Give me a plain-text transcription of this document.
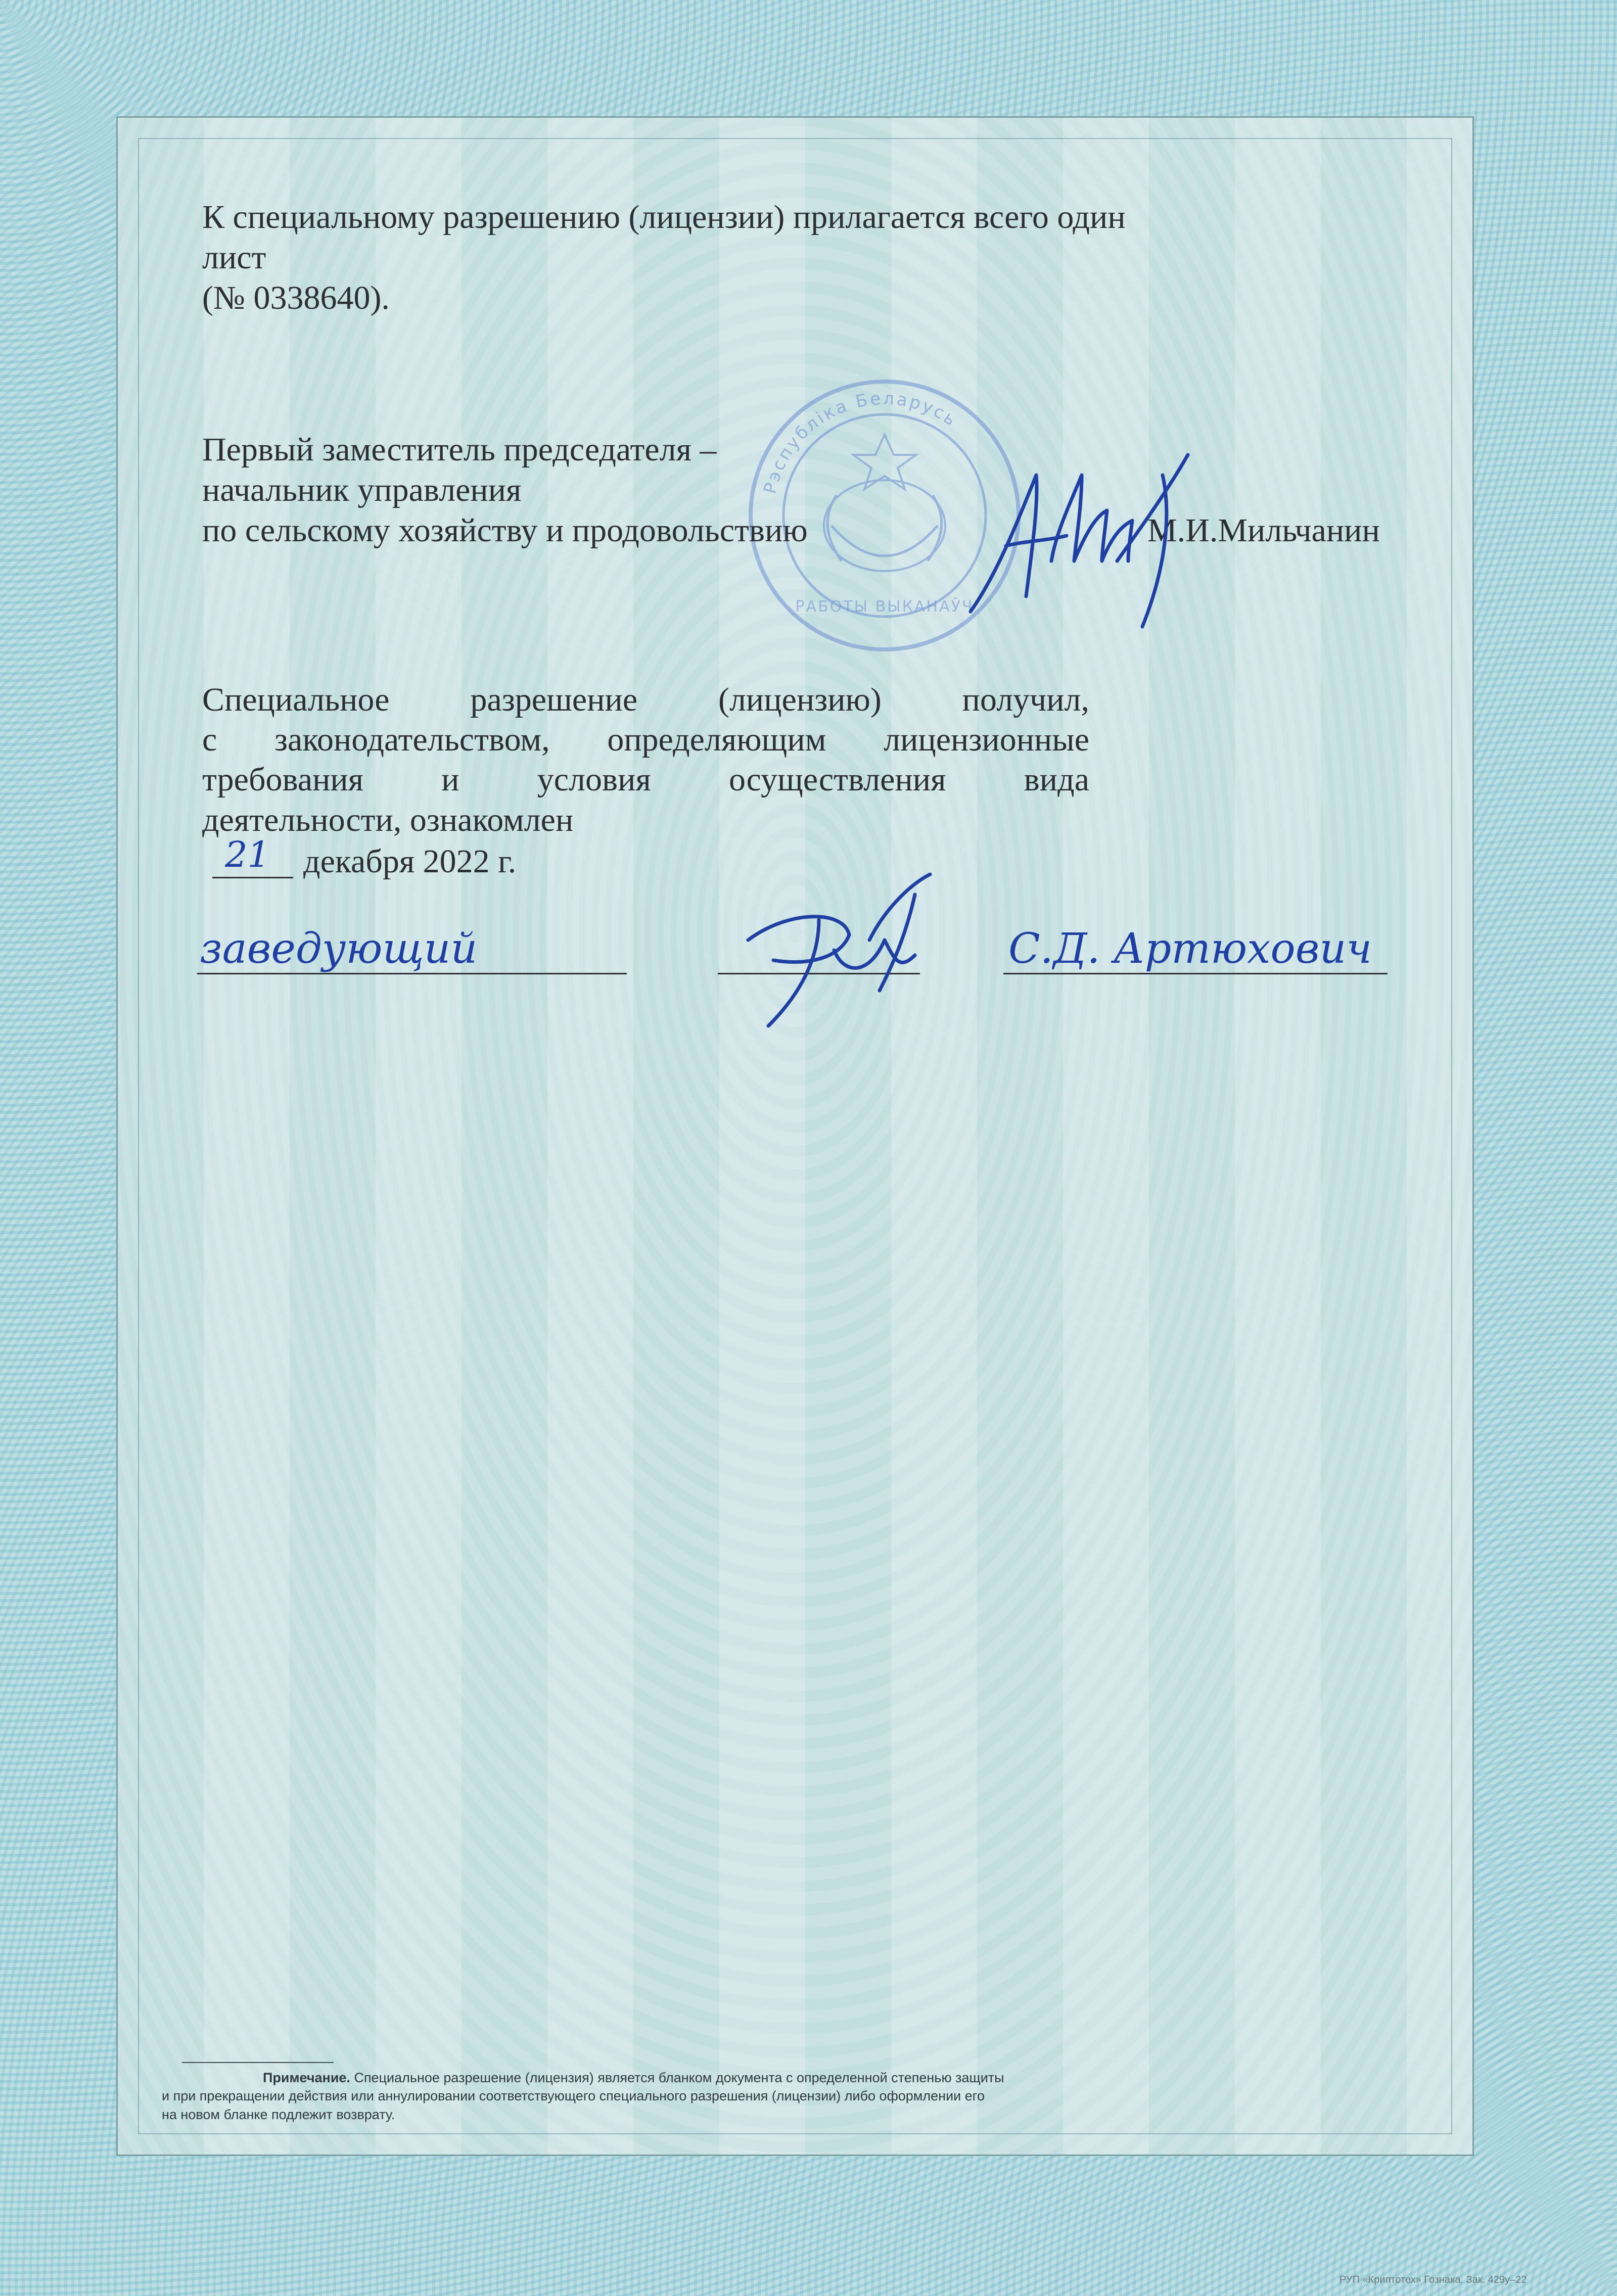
К специальному разрешению (лицензии) прилагается всего один
лист
(№ 0338640).
Рэспубліка Беларусь
РАБОТЫ ВЫКАНАЎЧ
Первый заместитель председателя –
начальник управления
по сельскому хозяйству и продовольствию	М.И.Мильчанин
Специальное разрешение (лицензию) получил,
с законодательством, определяющим лицензионные
требования и условия осуществления вида
деятельности, ознакомлен
21 декабря 2022 г.
заведующий	С.Д. Артюхович
Примечание. Специальное разрешение (лицензия) является бланком документа с определенной степенью защиты
и при прекращении действия или аннулировании соответствующего специального разрешения (лицензии) либо оформлении его
на новом бланке подлежит возврату.
РУП «Криптотех» Гознака. Зак. 429у–22
